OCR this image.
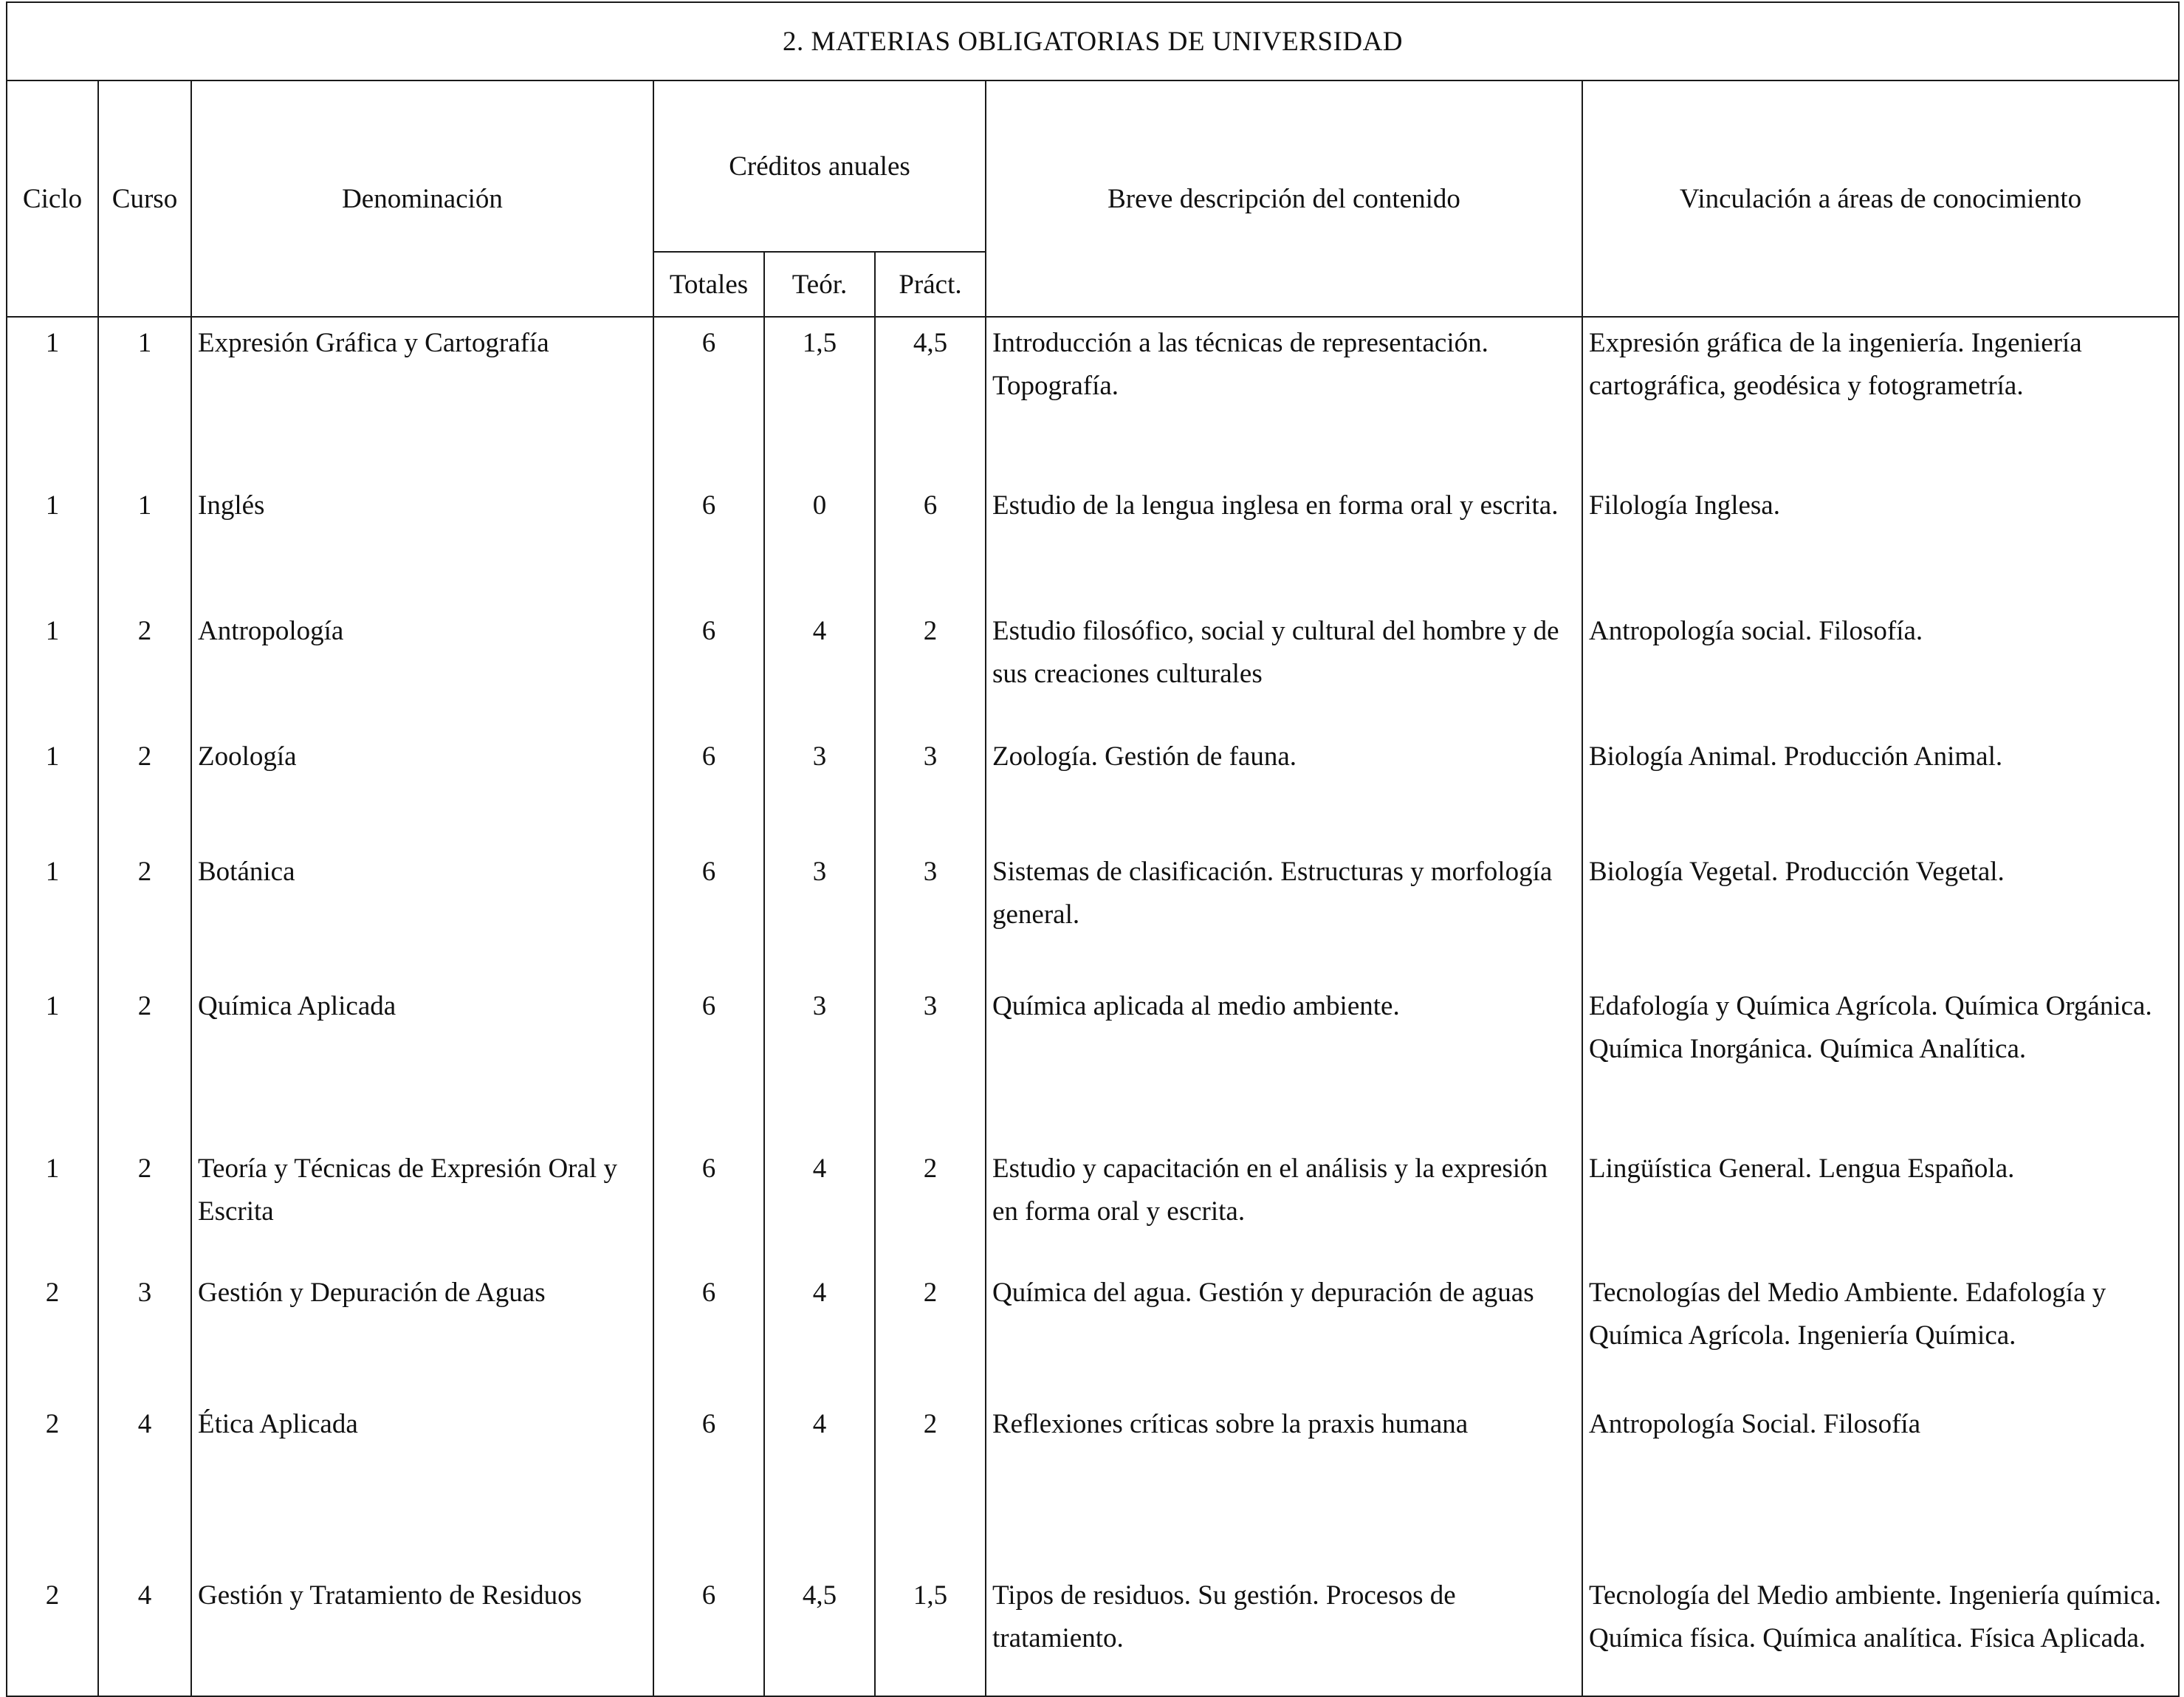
2. MATERIAS OBLIGATORIAS DE UNIVERSIDAD							
Ciclo	Curso	Denominación	Créditos anuales			Breve descripción del contenido	Vinculación a áreas de conocimiento
			Totales	Teór.	Práct.		
1	1	Expresión Gráfica y Cartografía	6	1,5	4,5	Introducción a las técnicas de representación. Topografía.	Expresión gráfica de la ingeniería. Ingeniería cartográfica, geodésica y fotogrametría.
1	1	Inglés	6	0	6	Estudio de la lengua inglesa en forma oral y escrita.	Filología Inglesa.
1	2	Antropología	6	4	2	Estudio filosófico, social y cultural del hombre y de sus creaciones culturales	Antropología social. Filosofía.
1	2	Zoología	6	3	3	Zoología. Gestión de fauna.	Biología Animal. Producción Animal.
1	2	Botánica	6	3	3	Sistemas de clasificación. Estructuras y morfología general.	Biología Vegetal. Producción Vegetal.
1	2	Química Aplicada	6	3	3	Química aplicada al medio ambiente.	Edafología y Química Agrícola. Química Orgánica. Química Inorgánica. Química Analítica.
1	2	Teoría y Técnicas de Expresión Oral y Escrita	6	4	2	Estudio y capacitación en el análisis y la expresión en forma oral y escrita.	Lingüística General. Lengua Española.
2	3	Gestión y Depuración de Aguas	6	4	2	Química del agua. Gestión y depuración de aguas	Tecnologías del Medio Ambiente. Edafología y Química Agrícola. Ingeniería Química.
2	4	Ética Aplicada	6	4	2	Reflexiones críticas sobre la praxis humana	Antropología Social. Filosofía
2	4	Gestión y Tratamiento de Residuos	6	4,5	1,5	Tipos de residuos. Su gestión. Procesos de tratamiento.	Tecnología del Medio ambiente. Ingeniería química. Química física. Química analítica. Física Aplicada.
